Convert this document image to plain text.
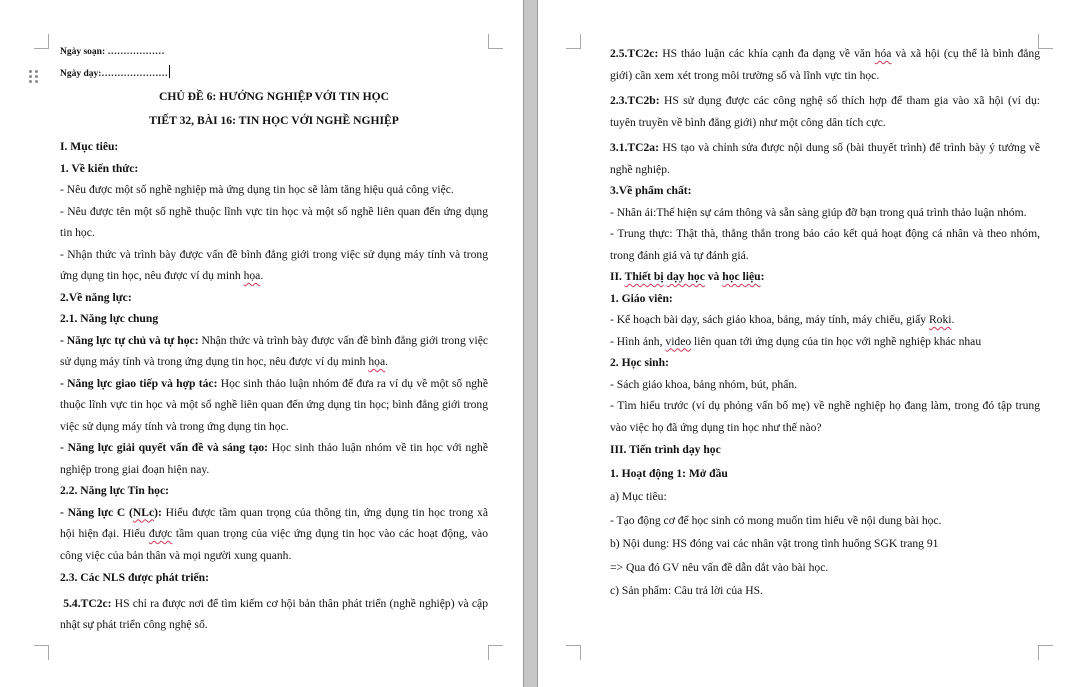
Ngày soạn: ………………

Ngày dạy:…………………

CHỦ ĐỀ 6: HƯỚNG NGHIỆP VỚI TIN HỌC

TIẾT 32, BÀI 16: TIN HỌC VỚI NGHỀ NGHIỆP

I. Mục tiêu:

1. Về kiến thức:

- Nêu được một số nghề nghiệp mà ứng dụng tin học sẽ làm tăng hiệu quả công việc.

- Nêu được tên một số nghề thuộc lĩnh vực tin học và một số nghề liên quan đến ứng dụng tin học.

- Nhận thức và trình bày được vấn đề bình đẳng giới trong việc sử dụng máy tính và trong ứng dụng tin học, nêu được ví dụ minh họa.

2.Về năng lực:

2.1. Năng lực chung

- Năng lực tự chủ và tự học: Nhận thức và trình bày được vấn đề bình đẳng giới trong việc sử dụng máy tính và trong ứng dụng tin học, nêu được ví dụ minh họa.

- Năng lực giao tiếp và hợp tác: Học sinh thảo luận nhóm để đưa ra ví dụ về một số nghề thuộc lĩnh vực tin học và một số nghề liên quan đến ứng dụng tin học; bình đẳng giới trong việc sử dụng máy tính và trong ứng dụng tin học.

- Năng lực giải quyết vấn đề và sáng tạo: Học sinh thảo luận nhóm về tin học với nghề nghiệp trong giai đoạn hiện nay.

2.2. Năng lực Tin học:

- Năng lực C (NLc): Hiểu được tầm quan trọng của thông tin, ứng dụng tin học trong xã hội hiện đại. Hiểu được tầm quan trọng của việc ứng dụng tin học vào các hoạt động, vào công việc của bản thân và mọi người xung quanh.

2.3. Các NLS được phát triển:

5.4.TC2c: HS chỉ ra được nơi để tìm kiếm cơ hội bản thân phát triển (nghề nghiệp) và cập nhật sự phát triển công nghệ số.

2.5.TC2c: HS thảo luận các khía cạnh đa dạng về văn hóa và xã hội (cụ thể là bình đẳng giới) cần xem xét trong môi trường số và lĩnh vực tin học.

2.3.TC2b: HS sử dụng được các công nghệ số thích hợp để tham gia vào xã hội (ví dụ: tuyên truyền về bình đẳng giới) như một công dân tích cực.

3.1.TC2a: HS tạo và chỉnh sửa được nội dung số (bài thuyết trình) để trình bày ý tưởng về nghề nghiệp.

3.Về phẩm chất:

- Nhân ái:Thể hiện sự cảm thông và sẵn sàng giúp đỡ bạn trong quá trình thảo luận nhóm.

- Trung thực: Thật thà, thẳng thắn trong báo cáo kết quả hoạt động cá nhân và theo nhóm, trong đánh giá và tự đánh giá.

II. Thiết bị dạy học và học liệu:

1. Giáo viên:

- Kế hoạch bài dạy, sách giáo khoa, bảng, máy tính, máy chiếu, giấy Roki.

- Hình ảnh, video liên quan tới ứng dụng của tin học với nghề nghiệp khác nhau

2. Học sinh:

- Sách giáo khoa, bảng nhóm, bút, phấn.

- Tìm hiểu trước (ví dụ phỏng vấn bố mẹ) về nghề nghiệp họ đang làm, trong đó tập trung vào việc họ đã ứng dụng tin học như thế nào?

III. Tiến trình dạy học

1. Hoạt động 1: Mở đầu

a) Mục tiêu:

- Tạo động cơ để học sinh có mong muốn tìm hiểu về nội dung bài học.

b) Nội dung: HS đóng vai các nhân vật trong tình huống SGK trang 91

=> Qua đó GV nêu vấn đề dẫn dắt vào bài học.

c) Sản phẩm: Câu trả lời của HS.
